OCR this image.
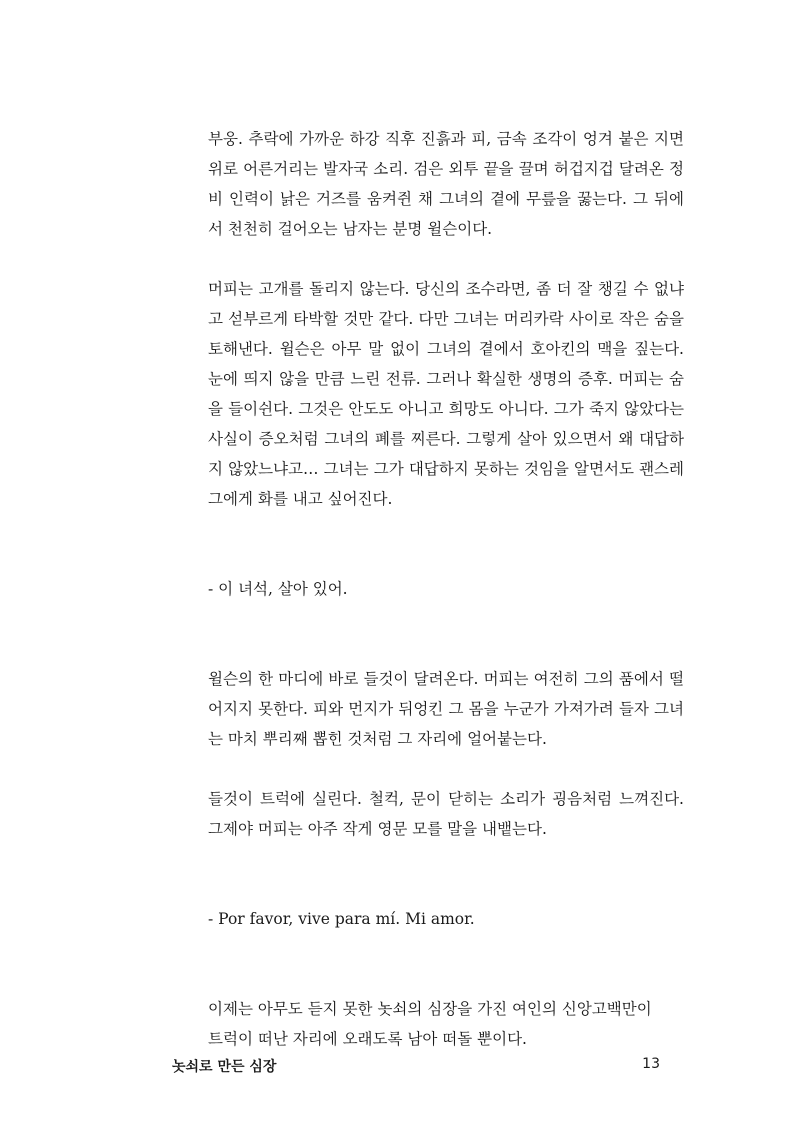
부웅. 추락에 가까운 하강 직후 진흙과 피, 금속 조각이 엉겨 붙은 지면 위로 어른거리는 발자국 소리. 검은 외투 끝을 끌며 허겁지겁 달려온 정비 인력이 낡은 거즈를 움켜쥔 채 그녀의 곁에 무릎을 꿇는다. 그 뒤에서 천천히 걸어오는 남자는 분명 윌슨이다.

머피는 고개를 돌리지 않는다. 당신의 조수라면, 좀 더 잘 챙길 수 없냐고 섣부르게 타박할 것만 같다. 다만 그녀는 머리카락 사이로 작은 숨을 토해낸다. 윌슨은 아무 말 없이 그녀의 곁에서 호아킨의 맥을 짚는다. 눈에 띄지 않을 만큼 느린 전류. 그러나 확실한 생명의 증후. 머피는 숨을 들이쉰다. 그것은 안도도 아니고 희망도 아니다. 그가 죽지 않았다는 사실이 증오처럼 그녀의 폐를 찌른다. 그렇게 살아 있으면서 왜 대답하지 않았느냐고… 그녀는 그가 대답하지 못하는 것임을 알면서도 괜스레 그에게 화를 내고 싶어진다.

- 이 녀석, 살아 있어.

윌슨의 한 마디에 바로 들것이 달려온다. 머피는 여전히 그의 품에서 떨어지지 못한다. 피와 먼지가 뒤엉킨 그 몸을 누군가 가져가려 들자 그녀는 마치 뿌리째 뽑힌 것처럼 그 자리에 얼어붙는다.

들것이 트럭에 실린다. 철컥, 문이 닫히는 소리가 굉음처럼 느껴진다. 그제야 머피는 아주 작게 영문 모를 말을 내뱉는다.

- Por favor, vive para mí. Mi amor.

이제는 아무도 듣지 못한 놋쇠의 심장을 가진 여인의 신앙고백만이
트럭이 떠난 자리에 오래도록 남아 떠돌 뿐이다.

놋쇠로 만든 심장	13
